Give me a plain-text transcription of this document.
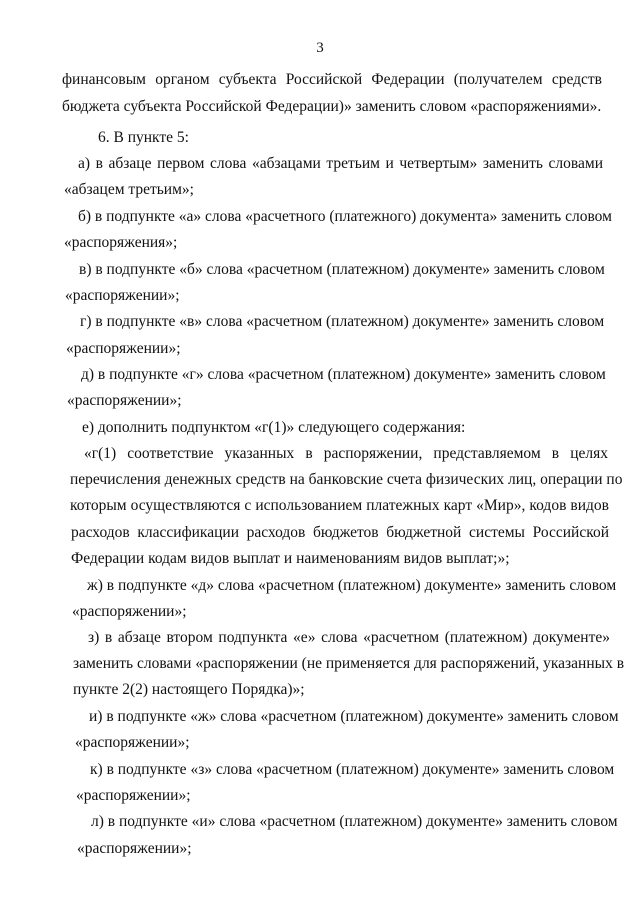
3
финансовым органом субъекта Российской Федерации (получателем средств
бюджета субъекта Российской Федерации)» заменить словом «распоряжениями».
6. В пункте 5:
а) в абзаце первом слова «абзацами третьим и четвертым» заменить словами
«абзацем третьим»;
б) в подпункте «а» слова «расчетного (платежного) документа» заменить словом
«распоряжения»;
в) в подпункте «б» слова «расчетном (платежном) документе» заменить словом
«распоряжении»;
г) в подпункте «в» слова «расчетном (платежном) документе» заменить словом
«распоряжении»;
д) в подпункте «г» слова «расчетном (платежном) документе» заменить словом
«распоряжении»;
е) дополнить подпунктом «г(1)» следующего содержания:
«г(1) соответствие указанных в распоряжении, представляемом в целях
перечисления денежных средств на банковские счета физических лиц, операции по
которым осуществляются с использованием платежных карт «Мир», кодов видов
расходов классификации расходов бюджетов бюджетной системы Российской
Федерации кодам видов выплат и наименованиям видов выплат;»;
ж) в подпункте «д» слова «расчетном (платежном) документе» заменить словом
«распоряжении»;
з) в абзаце втором подпункта «е» слова «расчетном (платежном) документе»
заменить словами «распоряжении (не применяется для распоряжений, указанных в
пункте 2(2) настоящего Порядка)»;
и) в подпункте «ж» слова «расчетном (платежном) документе» заменить словом
«распоряжении»;
к) в подпункте «з» слова «расчетном (платежном) документе» заменить словом
«распоряжении»;
л) в подпункте «и» слова «расчетном (платежном) документе» заменить словом
«распоряжении»;
